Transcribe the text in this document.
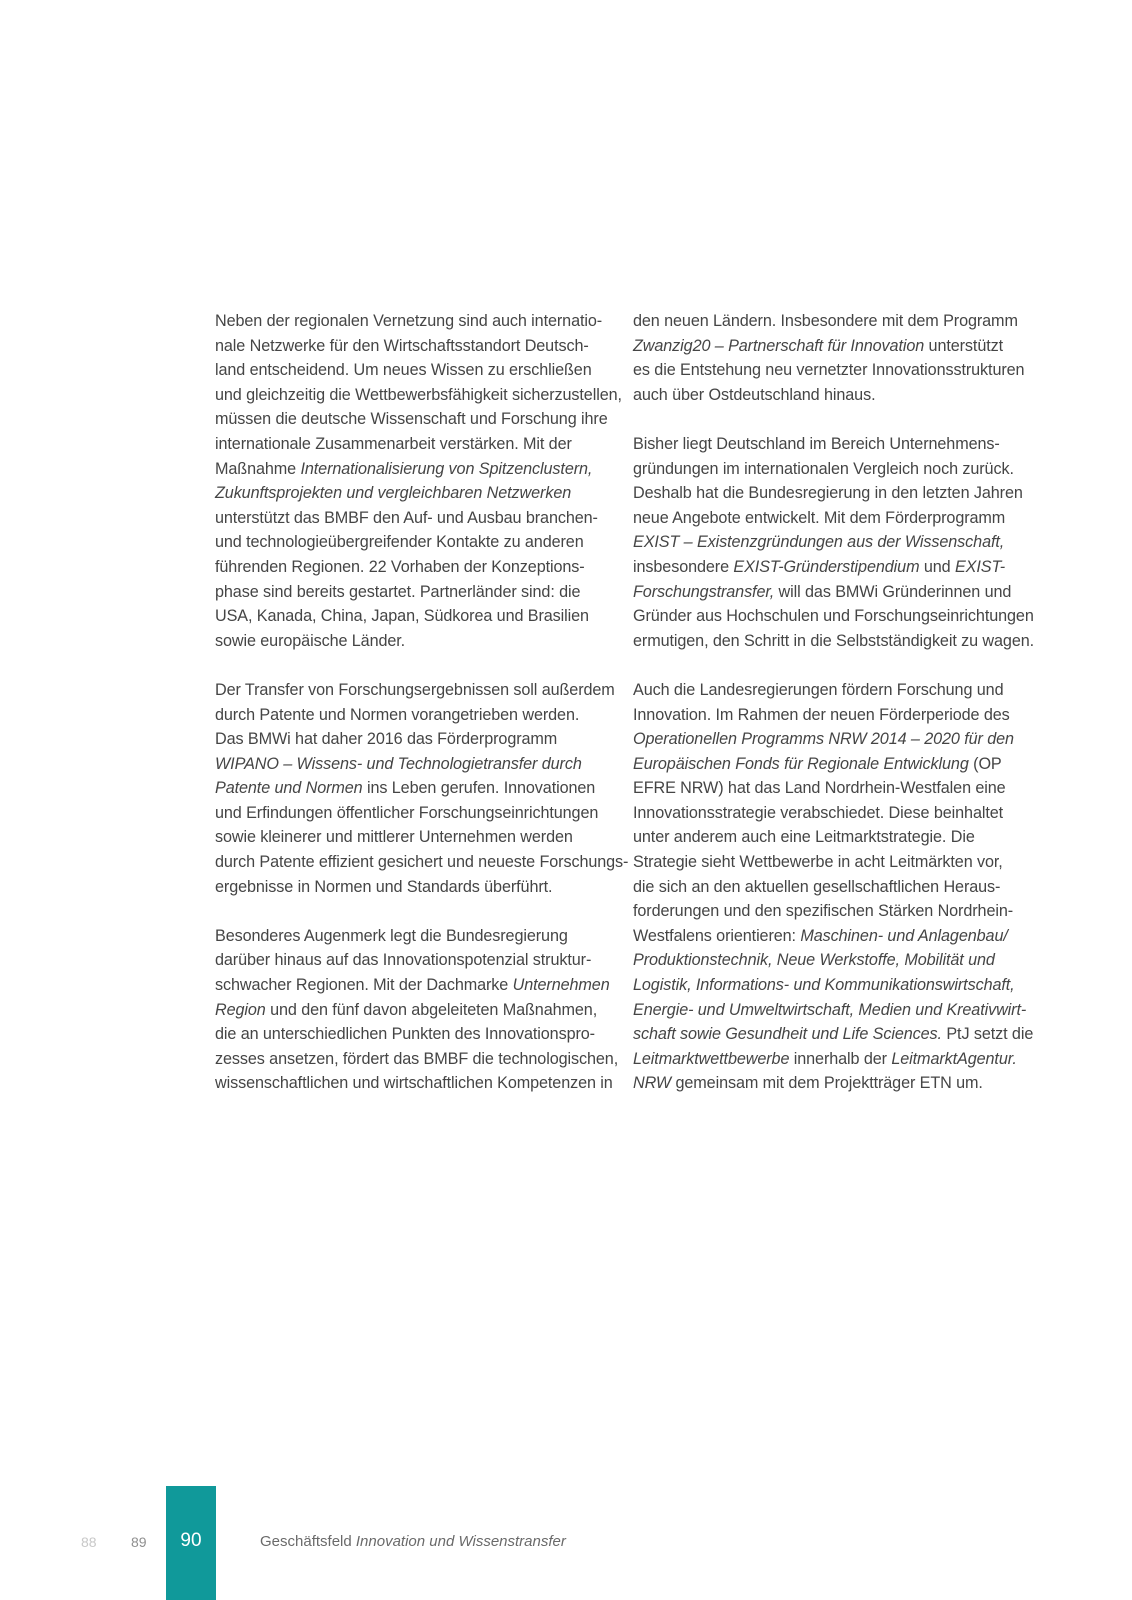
Neben der regionalen Vernetzung sind auch internatio-
nale Netzwerke für den Wirtschaftsstandort Deutsch-
land entscheidend. Um neues Wissen zu erschließen
und gleichzeitig die Wettbewerbsfähigkeit sicherzustellen,
müssen die deutsche Wissenschaft und Forschung ihre
internationale Zusammenarbeit verstärken. Mit der
Maßnahme Internationalisierung von Spitzenclustern,
Zukunftsprojekten und vergleichbaren Netzwerken
unterstützt das BMBF den Auf- und Ausbau branchen-
und technologieübergreifender Kontakte zu anderen
führenden Regionen. 22 Vorhaben der Konzeptions-
phase sind bereits gestartet. Partnerländer sind: die
USA, Kanada, China, Japan, Südkorea und Brasilien
sowie europäische Länder.
Der Transfer von Forschungsergebnissen soll außerdem
durch Patente und Normen vorangetrieben werden.
Das BMWi hat daher 2016 das Förderprogramm
WIPANO – Wissens- und Technologietransfer durch
Patente und Normen ins Leben gerufen. Innovationen
und Erfindungen öffentlicher Forschungseinrichtungen
sowie kleinerer und mittlerer Unternehmen werden
durch Patente effizient gesichert und neueste Forschungs-
ergebnisse in Normen und Standards überführt.
Besonderes Augenmerk legt die Bundesregierung
darüber hinaus auf das Innovationspotenzial struktur-
schwacher Regionen. Mit der Dachmarke Unternehmen
Region und den fünf davon abgeleiteten Maßnahmen,
die an unterschiedlichen Punkten des Innovationspro-
zesses ansetzen, fördert das BMBF die technologischen,
wissenschaftlichen und wirtschaftlichen Kompetenzen in
den neuen Ländern. Insbesondere mit dem Programm
Zwanzig20 – Partnerschaft für Innovation unterstützt
es die Entstehung neu vernetzter Innovationsstrukturen
auch über Ostdeutschland hinaus.
Bisher liegt Deutschland im Bereich Unternehmens-
gründungen im internationalen Vergleich noch zurück.
Deshalb hat die Bundesregierung in den letzten Jahren
neue Angebote entwickelt. Mit dem Förderprogramm
EXIST – Existenzgründungen aus der Wissenschaft,
insbesondere EXIST-Gründerstipendium und EXIST-
Forschungstransfer, will das BMWi Gründerinnen und
Gründer aus Hochschulen und Forschungseinrichtungen
ermutigen, den Schritt in die Selbstständigkeit zu wagen.
Auch die Landesregierungen fördern Forschung und
Innovation. Im Rahmen der neuen Förderperiode des
Operationellen Programms NRW 2014 – 2020 für den
Europäischen Fonds für Regionale Entwicklung (OP
EFRE NRW) hat das Land Nordrhein-Westfalen eine
Innovationsstrategie verabschiedet. Diese beinhaltet
unter anderem auch eine Leitmarktstrategie. Die
Strategie sieht Wettbewerbe in acht Leitmärkten vor,
die sich an den aktuellen gesellschaftlichen Heraus-
forderungen und den spezifischen Stärken Nordrhein-
Westfalens orientieren: Maschinen- und Anlagenbau/
Produktionstechnik, Neue Werkstoffe, Mobilität und
Logistik, Informations- und Kommunikationswirtschaft,
Energie- und Umweltwirtschaft, Medien und Kreativwirt-
schaft sowie Gesundheit und Life Sciences. PtJ setzt die
Leitmarktwettbewerbe innerhalb der LeitmarktAgentur.
NRW gemeinsam mit dem Projektträger ETN um.
88 89	90	Geschäftsfeld Innovation und Wissenstransfer
